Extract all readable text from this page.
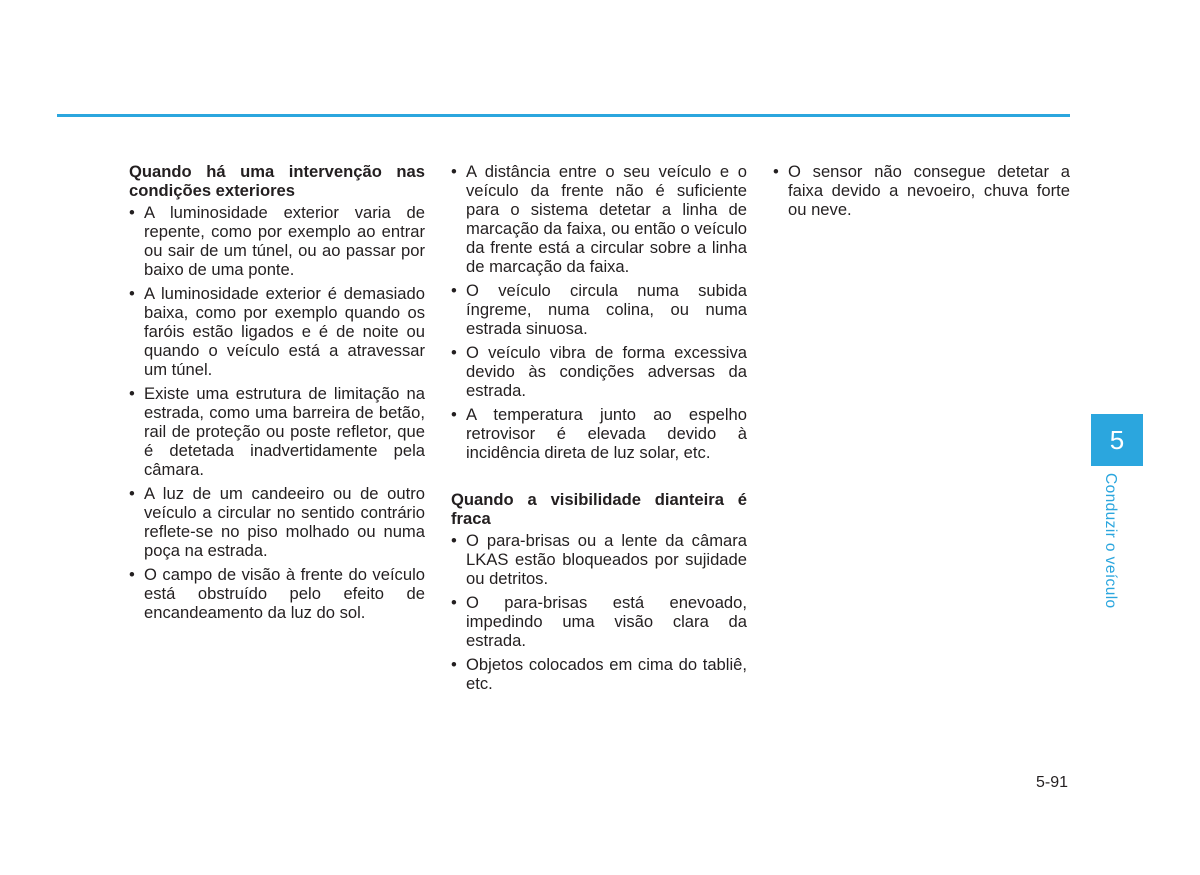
Quando há uma intervenção nas condições exteriores
• A luminosidade exterior varia de repente, como por exemplo ao entrar ou sair de um túnel, ou ao passar por baixo de uma ponte.
• A luminosidade exterior é demasiado baixa, como por exemplo quando os faróis estão ligados e é de noite ou quando o veículo está a atravessar um túnel.
• Existe uma estrutura de limitação na estrada, como uma barreira de betão, rail de proteção ou poste refletor, que é detetada inadvertidamente pela câmara.
• A luz de um candeeiro ou de outro veículo a circular no sentido contrário reflete-se no piso molhado ou numa poça na estrada.
• O campo de visão à frente do veículo está obstruído pelo efeito de encandeamento da luz do sol.
• A distância entre o seu veículo e o veículo da frente não é suficiente para o sistema detetar a linha de marcação da faixa, ou então o veículo da frente está a circular sobre a linha de marcação da faixa.
• O veículo circula numa subida íngreme, numa colina, ou numa estrada sinuosa.
• O veículo vibra de forma excessiva devido às condições adversas da estrada.
• A temperatura junto ao espelho retrovisor é elevada devido à incidência direta de luz solar, etc.
Quando a visibilidade dianteira é fraca
• O para-brisas ou a lente da câmara LKAS estão bloqueados por sujidade ou detritos.
• O para-brisas está enevoado, impedindo uma visão clara da estrada.
• Objetos colocados em cima do tabliê, etc.
• O sensor não consegue detetar a faixa devido a nevoeiro, chuva forte ou neve.
5
Conduzir o veículo
5-91
